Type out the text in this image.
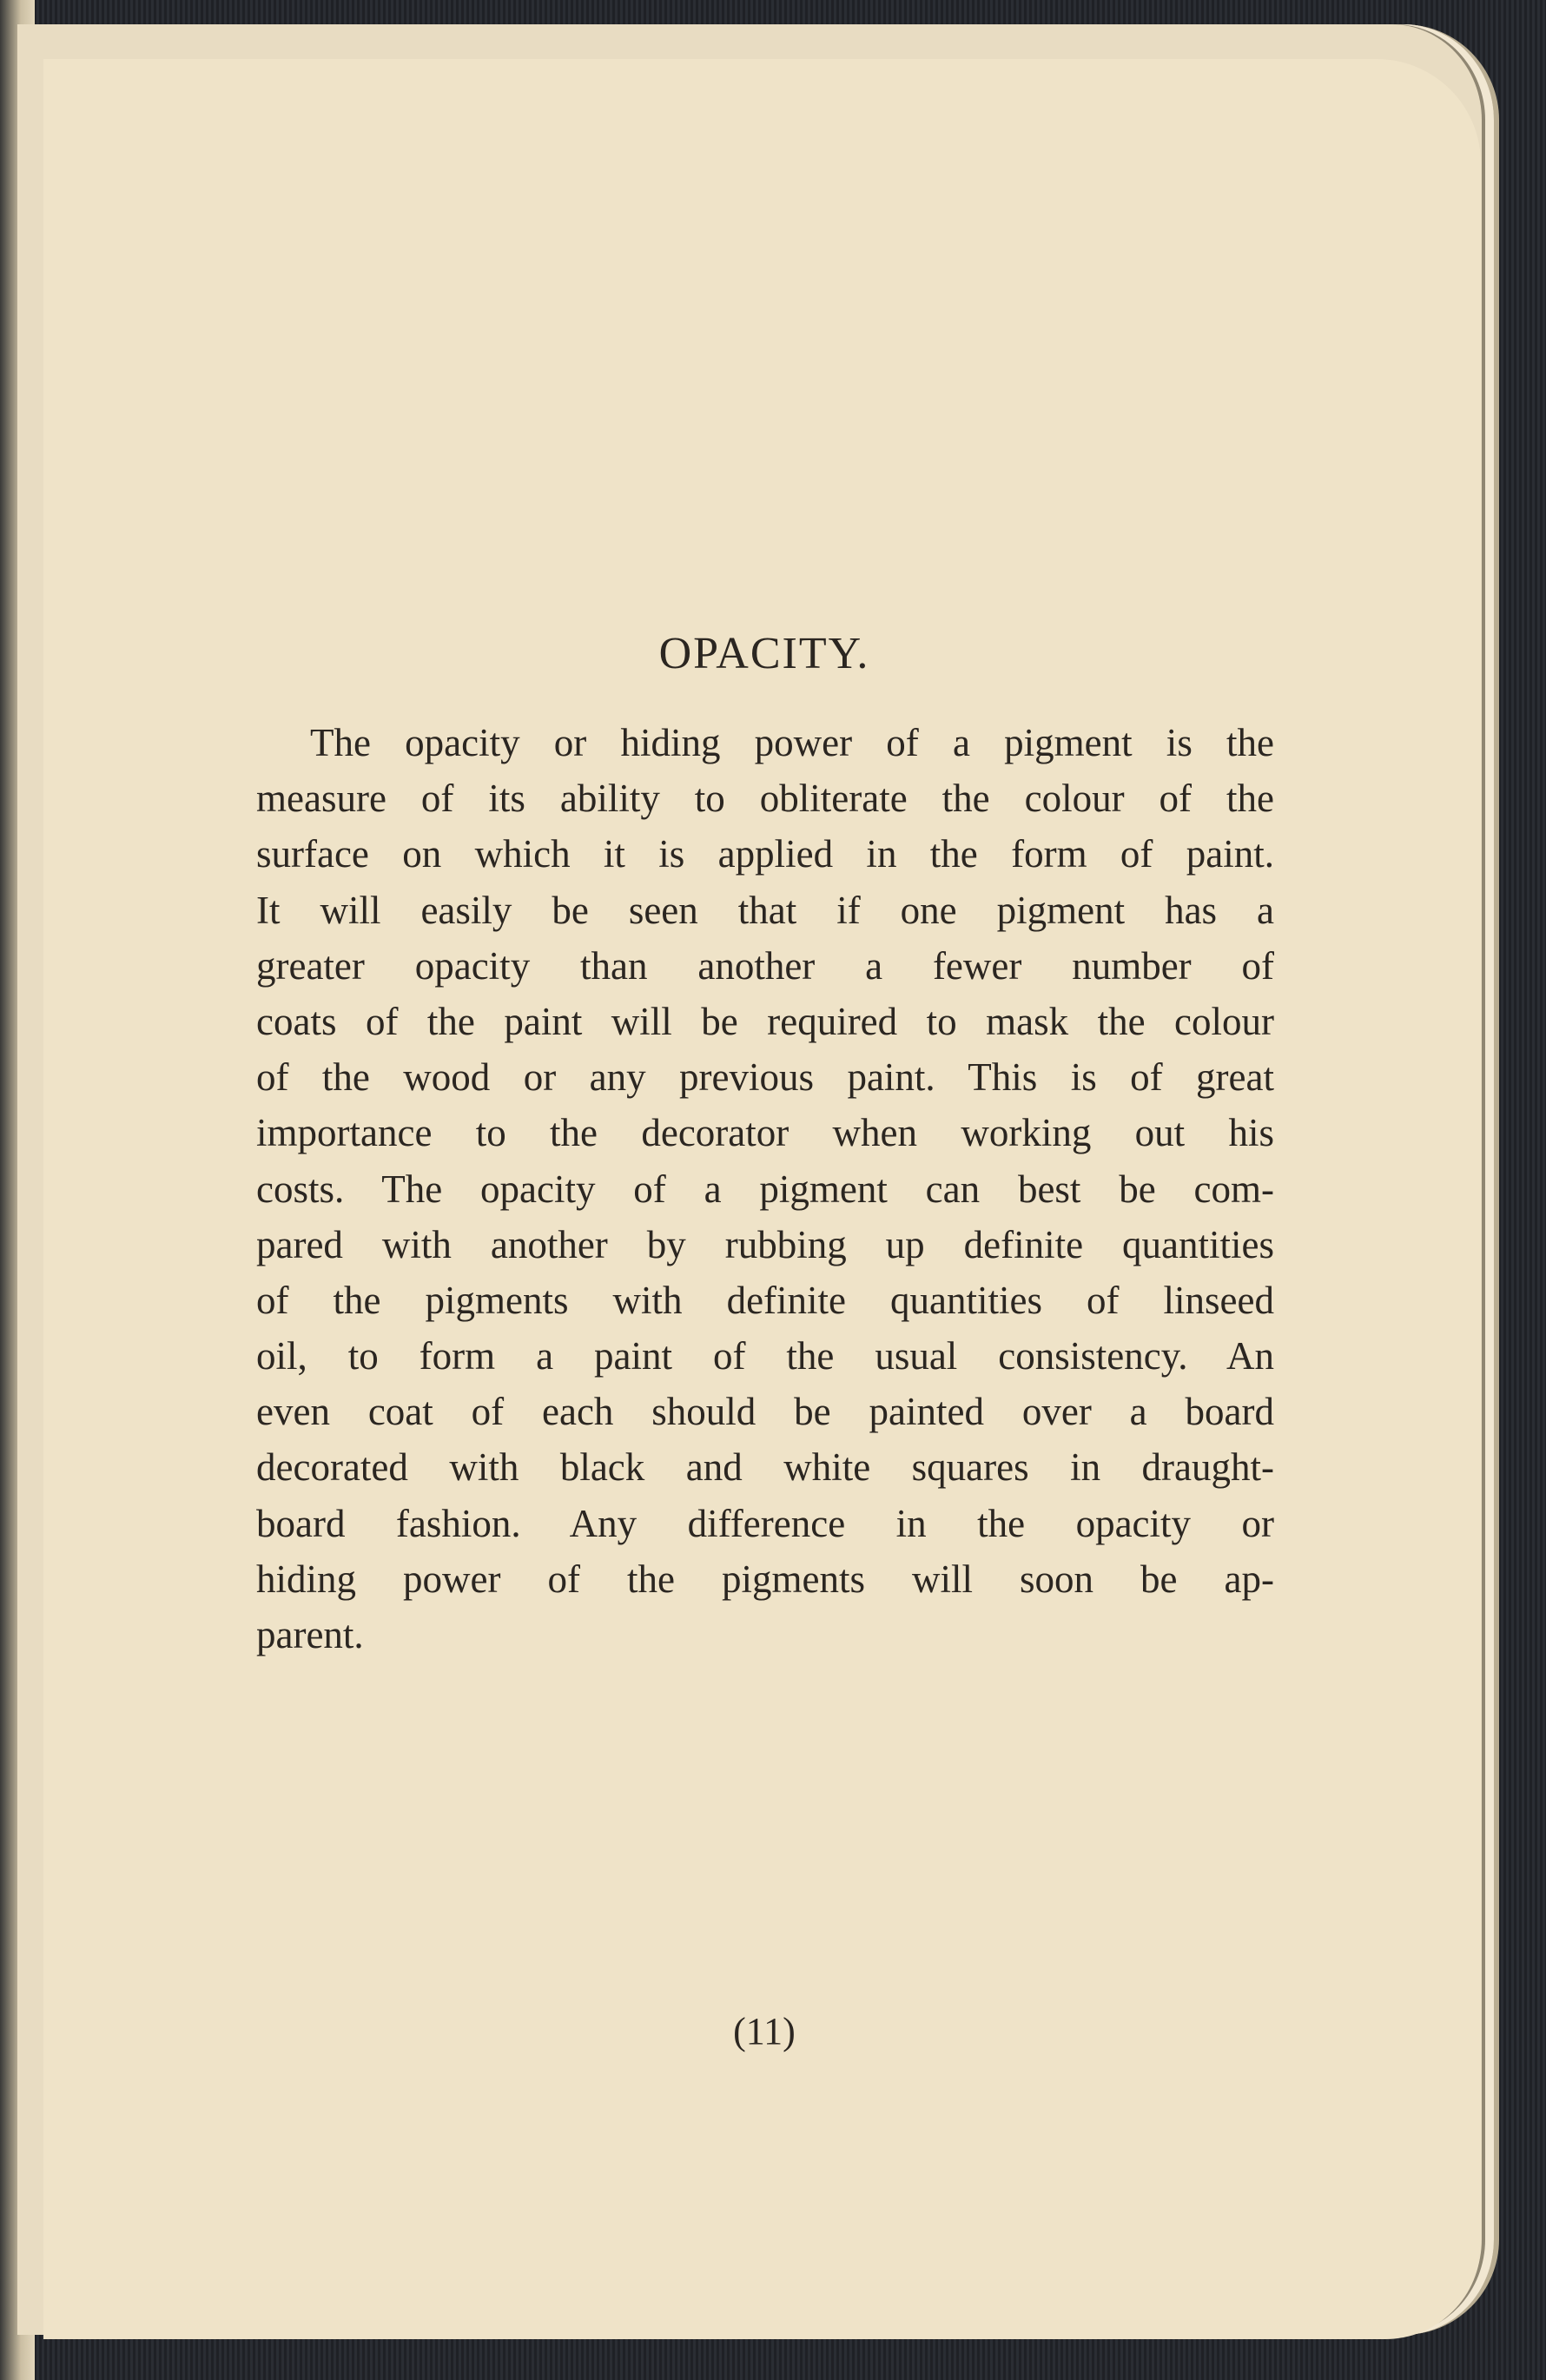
OPACITY.
The opacity or hiding power of a pigment is the
measure of its ability to obliterate the colour of the
surface on which it is applied in the form of paint.
It will easily be seen that if one pigment has a
greater opacity than another a fewer number of
coats of the paint will be required to mask the colour
of the wood or any previous paint. This is of great
importance to the decorator when working out his
costs. The opacity of a pigment can best be com-
pared with another by rubbing up definite quantities
of the pigments with definite quantities of linseed
oil, to form a paint of the usual consistency. An
even coat of each should be painted over a board
decorated with black and white squares in draught-
board fashion. Any difference in the opacity or
hiding power of the pigments will soon be ap-
parent.
(11)
